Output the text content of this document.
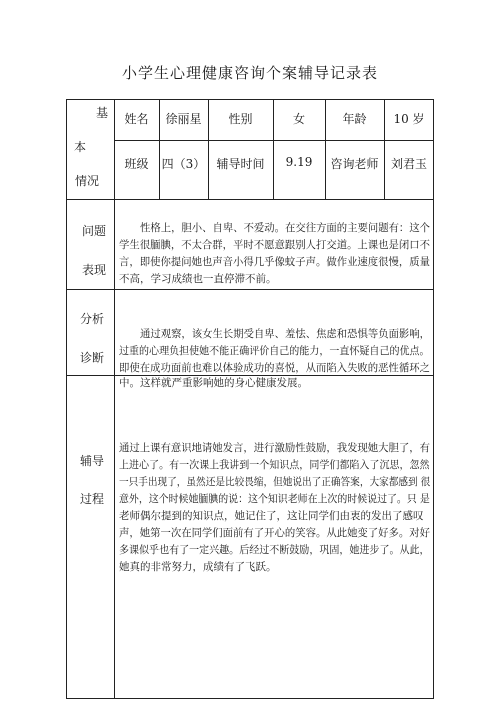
小学生心理健康咨询个案辅导记录表
基
本
情况
姓名	徐丽星	性别	女	年龄	10 岁
班级	四（3） 辅导时间	9.19	咨询老师	刘君玉
问题
表现
性格上，胆小、自卑、不爱动。在交往方面的主要问题有：这个
学生很腼腆，不太合群，平时不愿意跟别人打交道。上课也是闭口不
言，即使你提问她也声音小得几乎像蚊子声。做作业速度很慢，质量
不高，学习成绩也一直停滞不前。
分析
诊断
通过观察，该女生长期受自卑、羞怯、焦虑和恐惧等负面影响，
过重的心理负担使她不能正确评价自己的能力，一直怀疑自己的优点。
即使在成功面前也难以体验成功的喜悦，从而陷入失败的恶性循环之
中。这样就严重影响她的身心健康发展。
辅导
过程
通过上课有意识地请她发言，进行激励性鼓励，我发现她大胆了，有
上进心了。有一次课上我讲到一个知识点，同学们都陷入了沉思，忽然
一只手出现了，虽然还是比较畏缩，但她说出了正确答案，大家都感到 很
意外，这个时候她腼腆的说：这个知识老师在上次的时候说过了。只 是
老师偶尔提到的知识点，她记住了，这让同学们由衷的发出了感叹
声，她第一次在同学们面前有了开心的笑容。从此她变了好多。对好
多课似乎也有了一定兴趣。后经过不断鼓励，巩固，她进步了。从此，
她真的非常努力，成绩有了飞跃。
